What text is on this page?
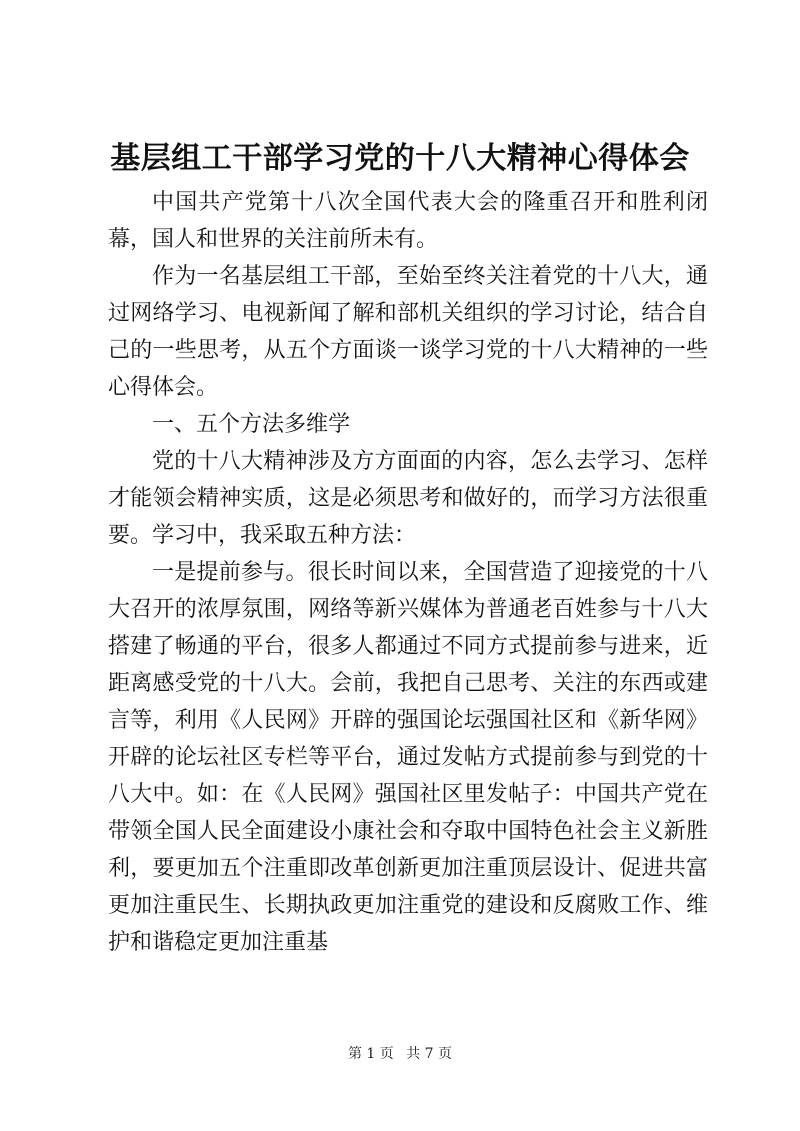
基层组工干部学习党的十八大精神心得体会

中国共产党第十八次全国代表大会的隆重召开和胜利闭幕，国人和世界的关注前所未有。

作为一名基层组工干部，至始至终关注着党的十八大，通过网络学习、电视新闻了解和部机关组织的学习讨论，结合自己的一些思考，从五个方面谈一谈学习党的十八大精神的一些心得体会。

一、五个方法多维学

党的十八大精神涉及方方面面的内容，怎么去学习、怎样才能领会精神实质，这是必须思考和做好的，而学习方法很重要。学习中，我采取五种方法：

一是提前参与。很长时间以来，全国营造了迎接党的十八大召开的浓厚氛围，网络等新兴媒体为普通老百姓参与十八大搭建了畅通的平台，很多人都通过不同方式提前参与进来，近距离感受党的十八大。会前，我把自己思考、关注的东西或建言等，利用《人民网》开辟的强国论坛强国社区和《新华网》开辟的论坛社区专栏等平台，通过发帖方式提前参与到党的十八大中。如：在《人民网》强国社区里发帖子：中国共产党在带领全国人民全面建设小康社会和夺取中国特色社会主义新胜利，要更加五个注重即改革创新更加注重顶层设计、促进共富更加注重民生、长期执政更加注重党的建设和反腐败工作、维护和谐稳定更加注重基

第 1 页 共 7 页
